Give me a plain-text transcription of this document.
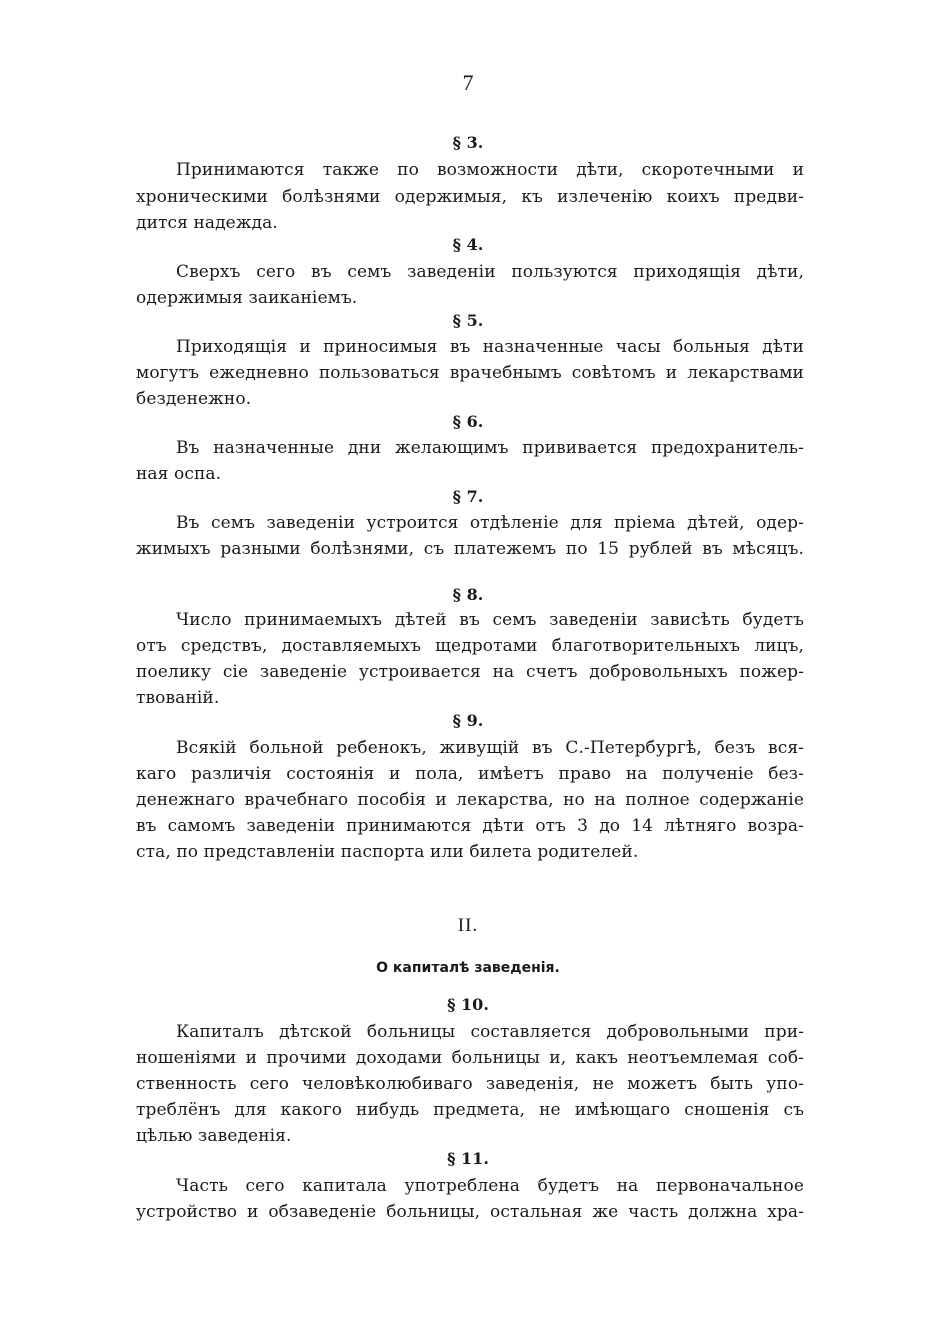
7
§ 3.
Принимаются также по возможности дѣти, скоротечными и
хроническими болѣзнями одержимыя, къ излеченію коихъ предви-
дится надежда.
§ 4.
Сверхъ сего въ семъ заведеніи пользуются приходящія дѣти,
одержимыя заиканіемъ.
§ 5.
Приходящія и приносимыя въ назначенные часы больныя дѣти
могутъ ежедневно пользоваться врачебнымъ совѣтомъ и лекарствами
безденежно.
§ 6.
Въ назначенные дни желающимъ прививается предохранитель-
ная оспа.
§ 7.
Въ семъ заведеніи устроится отдѣленіе для пріема дѣтей, одер-
жимыхъ разными болѣзнями, съ платежемъ по 15 рублей въ мѣсяцъ.
§ 8.
Число принимаемыхъ дѣтей въ семъ заведеніи зависѣть будетъ
отъ средствъ, доставляемыхъ щедротами благотворительныхъ лицъ,
поелику сіе заведеніе устроивается на счетъ добровольныхъ пожер-
твованій.
§ 9.
Всякій больной ребенокъ, живущій въ С.-Петербургѣ, безъ вся-
каго различія состоянія и пола, имѣетъ право на полученіе без-
денежнаго врачебнаго пособія и лекарства, но на полное содержаніе
въ самомъ заведеніи принимаются дѣти отъ 3 до 14 лѣтняго возра-
ста, по представленіи паспорта или билета родителей.
II.
О капиталѣ заведенія.
§ 10.
Капиталъ дѣтской больницы составляется добровольными при-
ношеніями и прочими доходами больницы и, какъ неотъемлемая соб-
ственность сего человѣколюбиваго заведенія, не можетъ быть упо-
треблёнъ для какого нибудь предмета, не имѣющаго сношенія съ
цѣлью заведенія.
§ 11.
Часть сего капитала употреблена будетъ на первоначальное
устройство и обзаведеніе больницы, остальная же часть должна хра-
